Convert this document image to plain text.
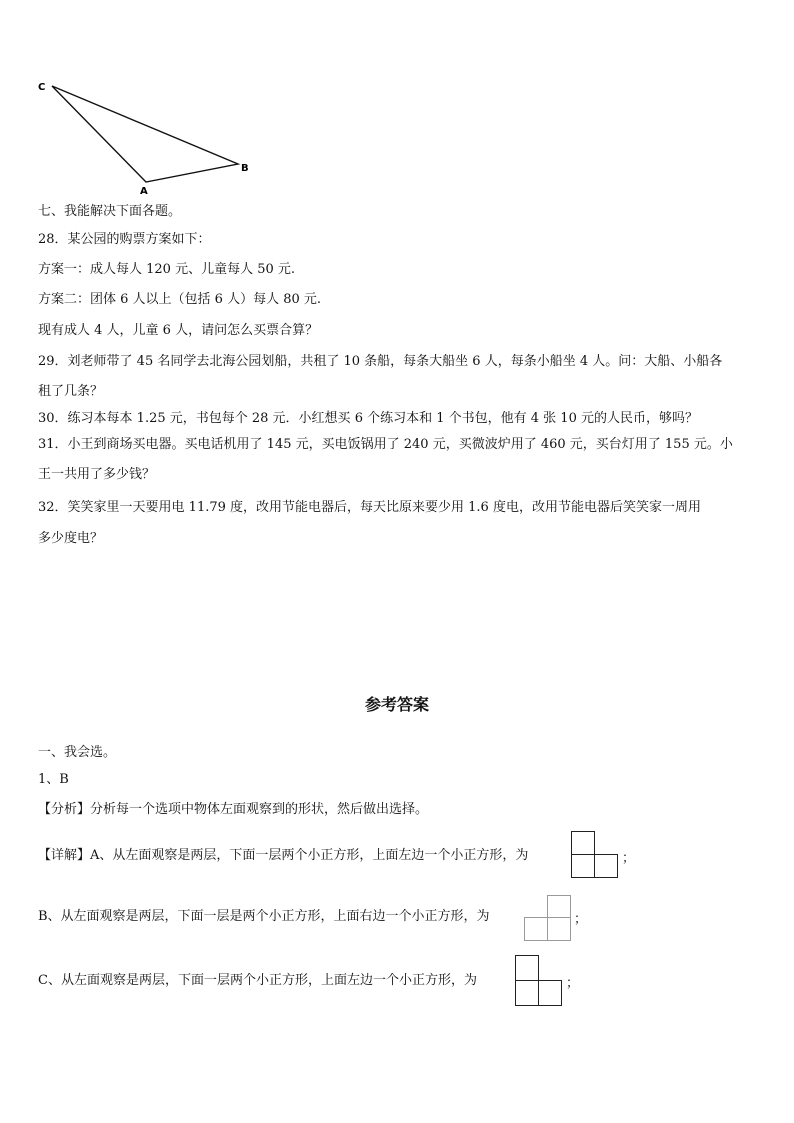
C
B
A
七、我能解决下面各题。
28．某公园的购票方案如下：
方案一：成人每人 120 元、儿童每人 50 元.
方案二：团体 6 人以上（包括 6 人）每人 80 元.
现有成人 4 人，儿童 6 人，请问怎么买票合算？
29．刘老师带了 45 名同学去北海公园划船，共租了 10 条船，每条大船坐 6 人，每条小船坐 4 人。问：大船、小船各
租了几条？
30．练习本每本 1.25 元，书包每个 28 元．小红想买 6 个练习本和 1 个书包，他有 4 张 10 元的人民币，够吗？
31．小王到商场买电器。买电话机用了 145 元，买电饭锅用了 240 元，买微波炉用了 460 元，买台灯用了 155 元。小
王一共用了多少钱？
32．笑笑家里一天要用电 11.79 度，改用节能电器后，每天比原来要少用 1.6 度电，改用节能电器后笑笑家一周用
多少度电？
参考答案
一、我会选。
1、B
【分析】分析每一个选项中物体左面观察到的形状，然后做出选择。
【详解】A、从左面观察是两层，下面一层两个小正方形，上面左边一个小正方形，为	；
B、从左面观察是两层，下面一层是两个小正方形，上面右边一个小正方形，为	；
C、从左面观察是两层，下面一层两个小正方形，上面左边一个小正方形，为	；
